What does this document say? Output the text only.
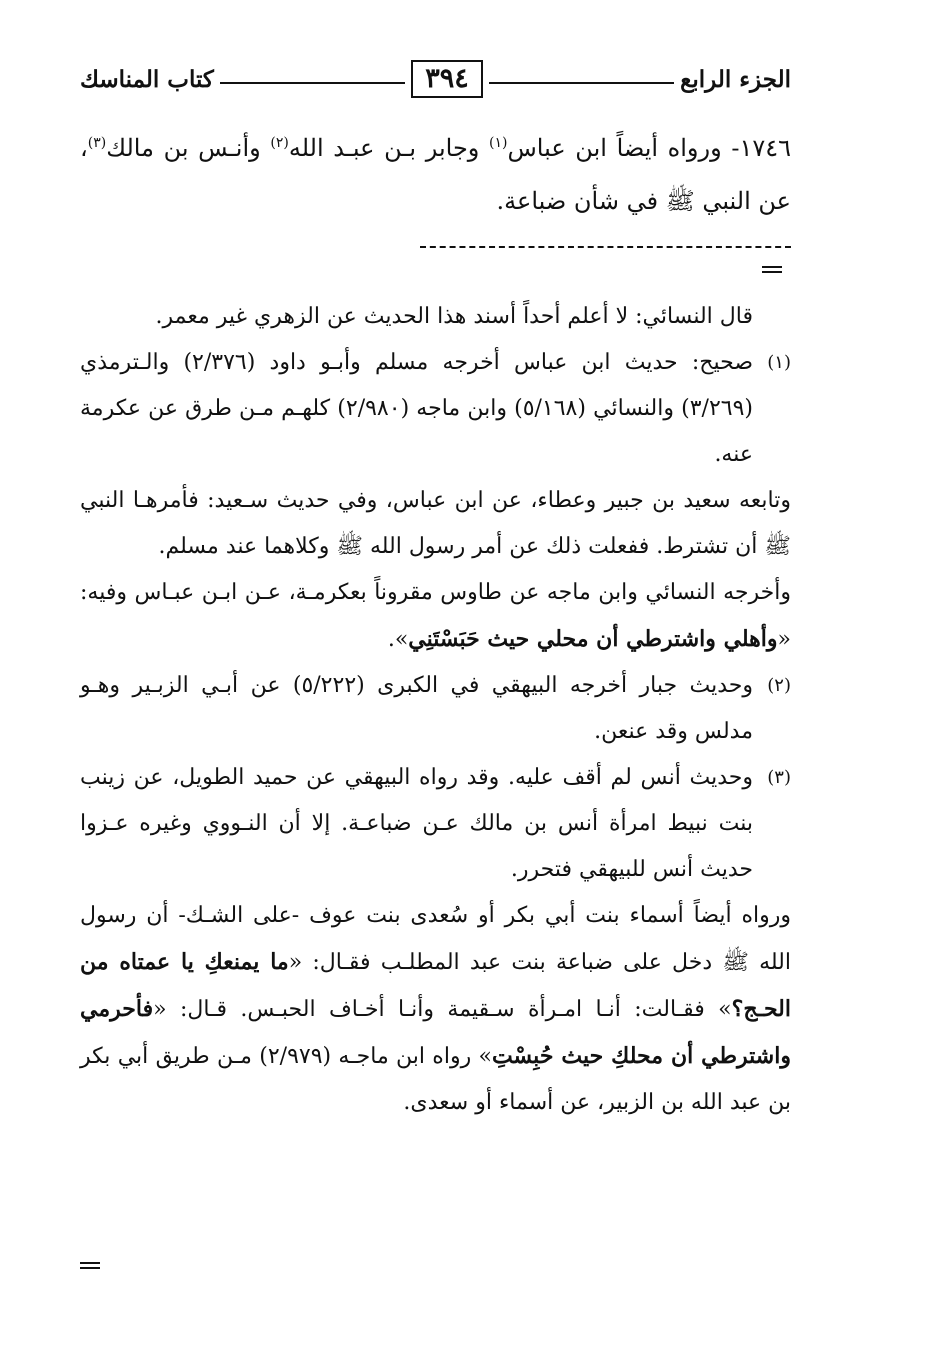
الجزء الرابع
٣٩٤
كتاب المناسك

١٧٤٦- ورواه أيضاً ابن عباس$^{(١)}$ وجابر بـن عبـد الله$^{(٢)}$ وأنـس بن مالك$^{(٣)}$، عن النبي ﷺ في شأن ضباعة.

قال النسائي: لا أعلم أحداً أسند هذا الحديث عن الزهري غير معمر.

(١)
صحيح: حديث ابن عباس أخرجه مسلم وأبـو داود (٢/٣٧٦) والـترمذي (٣/٢٦٩) والنسائي (٥/١٦٨) وابن ماجه (٢/٩٨٠) كلهـم مـن طرق عن عكرمة عنه.

وتابعه سعيد بن جبير وعطاء، عن ابن عباس، وفي حديث سـعيد: فأمرهـا النبي ﷺ أن تشترط. ففعلت ذلك عن أمر رسول الله ﷺ وكلاهما عند مسلم.

وأخرجه النسائي وابن ماجه عن طاوس مقروناً بعكرمـة، عـن ابـن عبـاس وفيه: «وأهلي واشترطي أن محلي حيث حَبَسْتَنِي».

(٢)
وحديث جبار أخرجه البيهقي في الكبرى (٥/٢٢٢) عن أبـي الزبـير وهـو مدلس وقد عنعن.
(٣)
وحديث أنس لم أقف عليه. وقد رواه البيهقي عن حميد الطويل، عن زينب بنت نبيط امرأة أنس بن مالك عـن ضباعـة. إلا أن النـووي وغيره عـزوا حديث أنس للبيهقي فتحرر.

ورواه أيضاً أسماء بنت أبي بكر أو سُعدى بنت عوف -على الشـك- أن رسول الله ﷺ دخل على ضباعة بنت عبد المطلـب فقـال: «ما يمنعكِ يا عمتاه من الحـج؟» فقـالت: أنـا امـرأة سـقيمة وأنـا أخـاف الحبـس. قـال: «فأحرمي واشترطي أن محلكِ حيث حُبِسْتِ» رواه ابن ماجـه (٢/٩٧٩) مـن طريق أبي بكر بن عبد الله بن الزبير، عن أسماء أو سعدى.
